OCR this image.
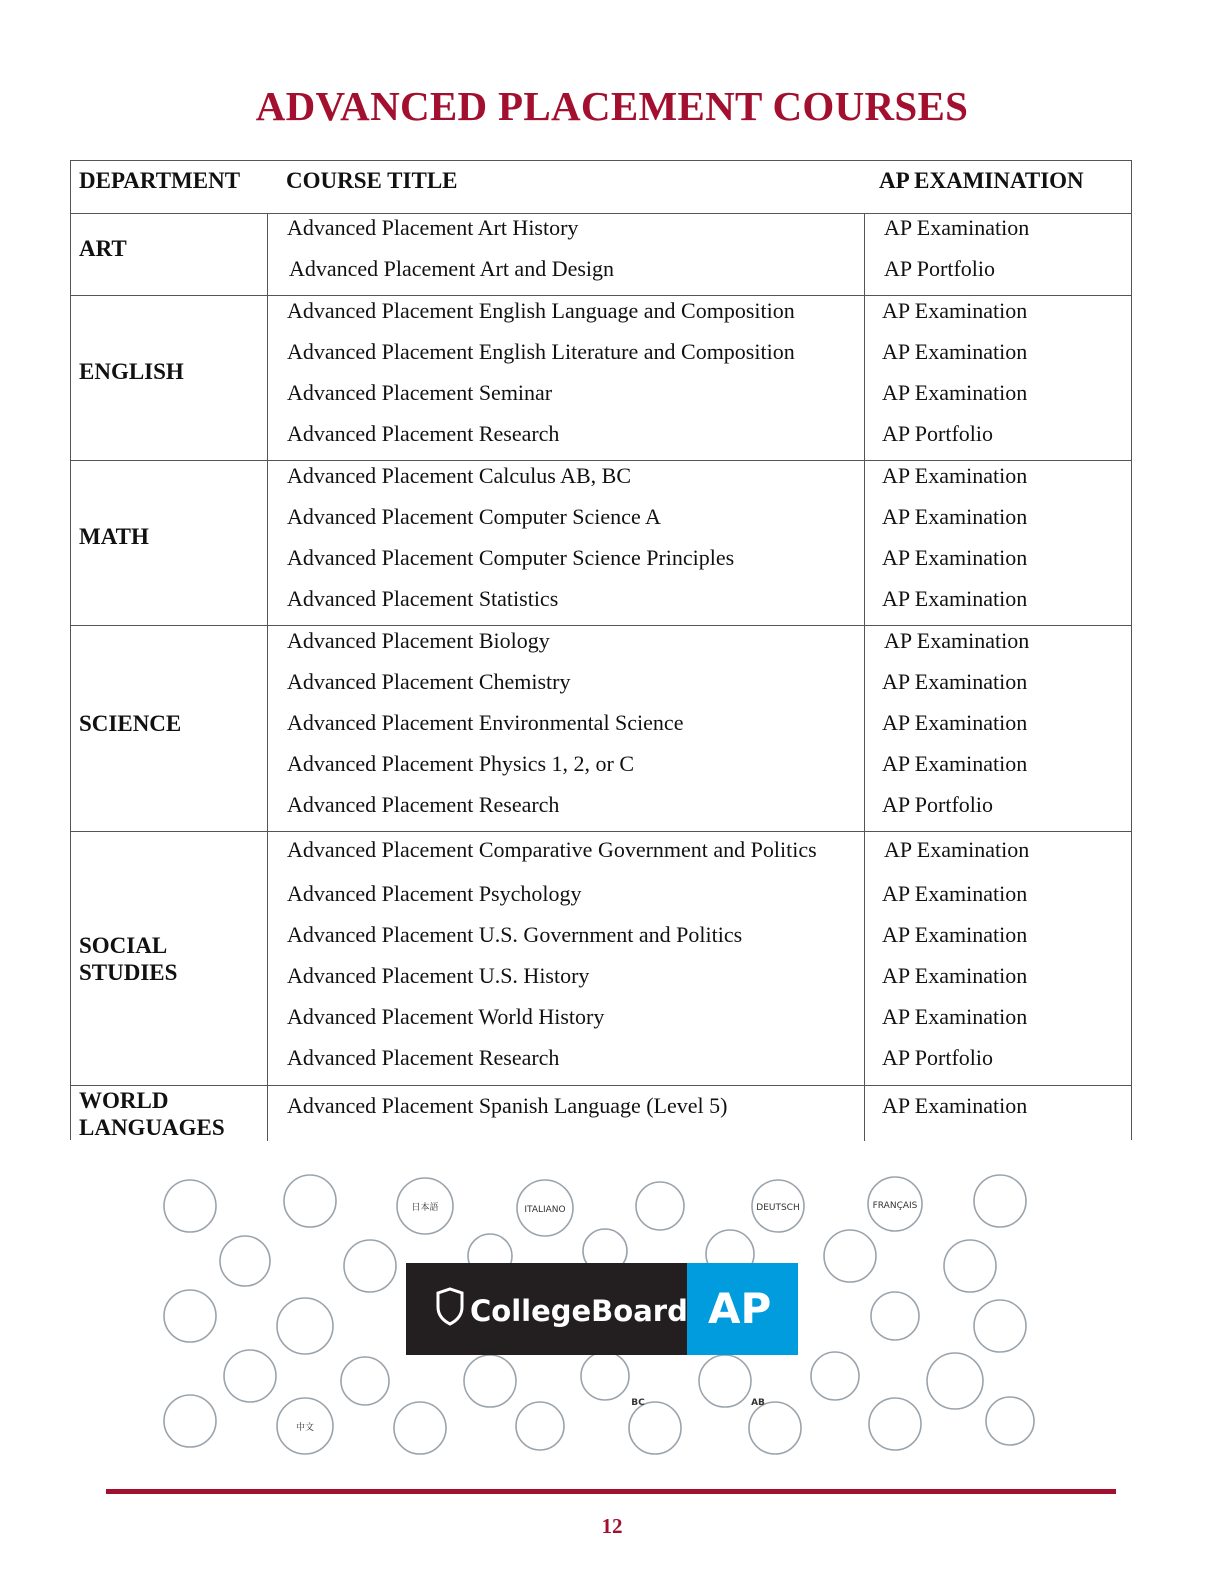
ADVANCED PLACEMENT COURSES
DEPARTMENT COURSE TITLE	AP EXAMINATION
ART
Advanced Placement Art History	AP Examination
Advanced Placement Art and Design	AP Portfolio
ENGLISH
Advanced Placement English Language and Composition	AP Examination
Advanced Placement English Literature and Composition	AP Examination
Advanced Placement Seminar	AP Examination
Advanced Placement Research	AP Portfolio
MATH
Advanced Placement Calculus AB, BC	AP Examination
Advanced Placement Computer Science A	AP Examination
Advanced Placement Computer Science Principles	AP Examination
Advanced Placement Statistics	AP Examination
SCIENCE
Advanced Placement Biology	AP Examination
Advanced Placement Chemistry	AP Examination
Advanced Placement Environmental Science	AP Examination
Advanced Placement Physics 1, 2, or C	AP Examination
Advanced Placement Research	AP Portfolio
SOCIAL STUDIES
Advanced Placement Comparative Government and Politics	AP Examination
Advanced Placement Psychology	AP Examination
Advanced Placement U.S. Government and Politics	AP Examination
Advanced Placement U.S. History	AP Examination
Advanced Placement World History	AP Examination
Advanced Placement Research	AP Portfolio
WORLD LANGUAGES
Advanced Placement Spanish Language (Level 5)	AP Examination
日本語	ITALIANO	DEUTSCH	FRANÇAIS
中文
BC	AB
CollegeBoard AP
12
